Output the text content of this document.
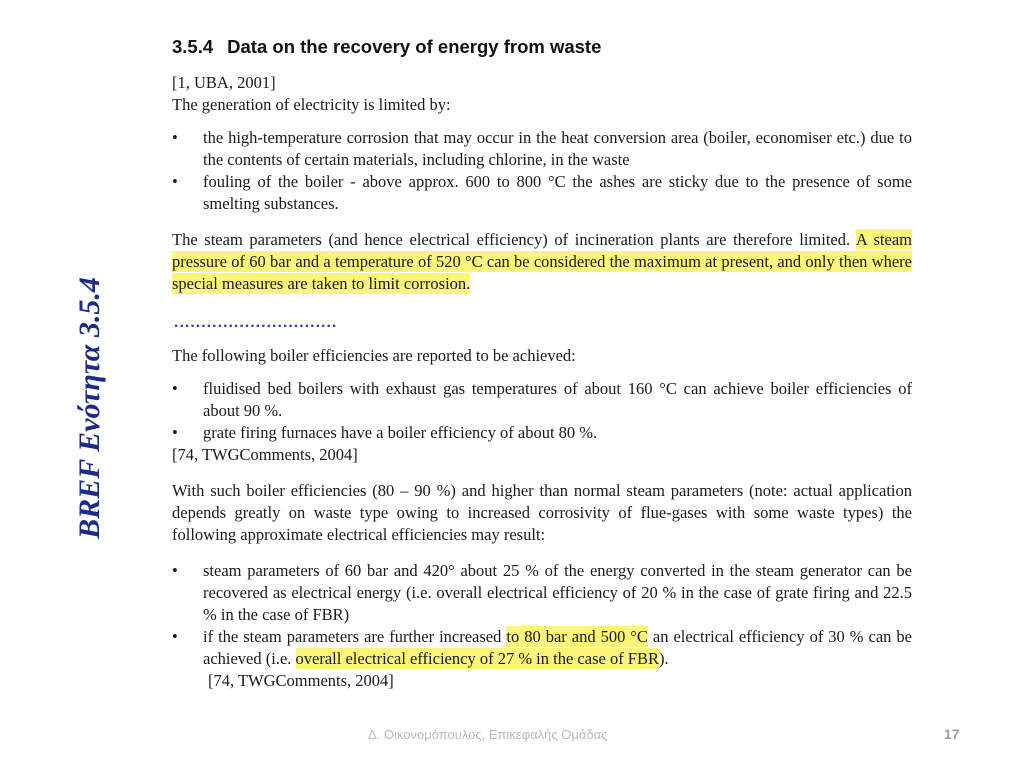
BREF Ενότητα 3.5.4
3.5.4 Data on the recovery of energy from waste

[1, UBA, 2001]

The generation of electricity is limited by:

• the high-temperature corrosion that may occur in the heat conversion area (boiler, economiser etc.) due to the contents of certain materials, including chlorine, in the waste
• fouling of the boiler - above approx. 600 to 800 °C the ashes are sticky due to the presence of some smelting substances.

The steam parameters (and hence electrical efficiency) of incineration plants are therefore limited. A steam pressure of 60 bar and a temperature of 520 °C can be considered the maximum at present, and only then where special measures are taken to limit corrosion.

..............................

The following boiler efficiencies are reported to be achieved:

• fluidised bed boilers with exhaust gas temperatures of about 160 °C can achieve boiler efficiencies of about 90 %.
• grate firing furnaces have a boiler efficiency of about 80 %.

[74, TWGComments, 2004]

With such boiler efficiencies (80 – 90 %) and higher than normal steam parameters (note: actual application depends greatly on waste type owing to increased corrosivity of flue-gases with some waste types) the following approximate electrical efficiencies may result:

• steam parameters of 60 bar and 420° about 25 % of the energy converted in the steam generator can be recovered as electrical energy (i.e. overall electrical efficiency of 20 % in the case of grate firing and 22.5 % in the case of FBR)
• if the steam parameters are further increased to 80 bar and 500 °C an electrical efficiency of 30 % can be achieved (i.e. overall electrical efficiency of 27 % in the case of FBR).

[74, TWGComments, 2004]

Δ. Οικονομόπουλος, Επικεφαλής Ομάδας	17
